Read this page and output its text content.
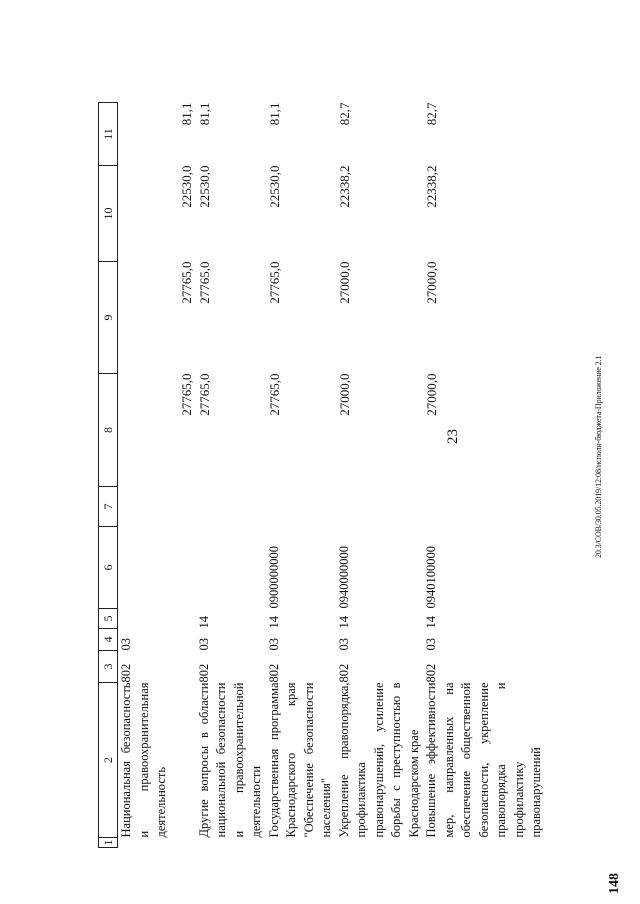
23	20.3/СОВ/30.05.2019/12:08/исполн-бюджета-Приложение 2.1
148
1	2	3	4	5	6	7	8	9	10	11
	Национальная безопасность и правоохранительная деятельность	802	03				27765,0	27765,0	22530,0	81,1
	Другие вопросы в области национальной безопасности и правоохранительной деятельности	802	03	14			27765,0	27765,0	22530,0	81,1
	Государственная программа Краснодарского края "Обеспечение безопасности населения"	802	03	14	0900000000		27765,0	27765,0	22530,0	81,1
	Укрепление правопорядка, профилактика правонарушений, усиление борьбы с преступностью в Краснодарском крае	802	03	14	0940000000		27000,0	27000,0	22338,2	82,7
	Повышение эффективности мер, направленных на обеспечение общественной безопасности, укрепление правопорядка и профилактику правонарушений	802	03	14	0940100000		27000,0	27000,0	22338,2	82,7
